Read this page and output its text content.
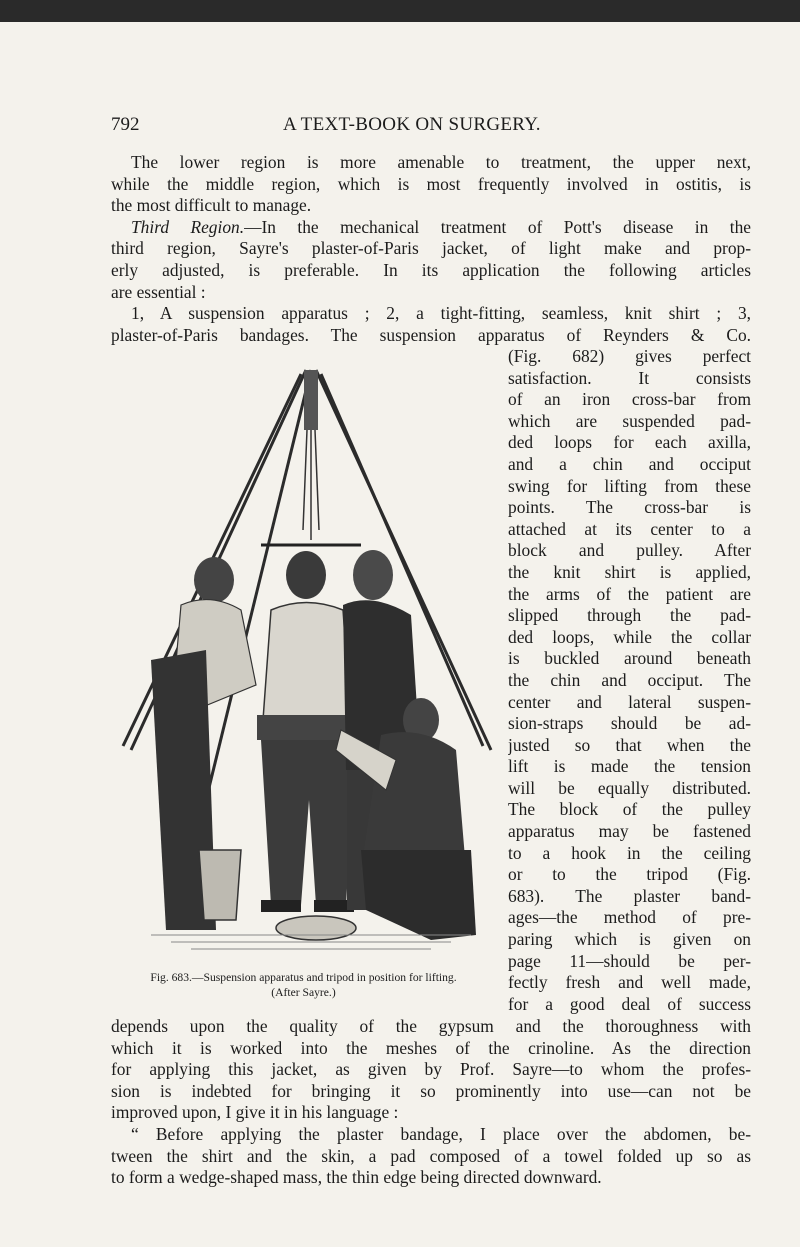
792	A TEXT-BOOK ON SURGERY.
The lower region is more amenable to treatment, the upper next,
while the middle region, which is most frequently involved in ostitis, is
the most difficult to manage.
Third Region.—In the mechanical treatment of Pott's disease in the
third region, Sayre's plaster-of-Paris jacket, of light make and prop-
erly adjusted, is preferable. In its application the following articles
are essential :
1, A suspension apparatus ; 2, a tight-fitting, seamless, knit shirt ; 3,
plaster-of-Paris bandages. The suspension apparatus of Reynders & Co.
Fig. 683.—Suspension apparatus and tripod in position for lifting.
(After Sayre.)
(Fig. 682) gives perfect
satisfaction. It consists
of an iron cross-bar from
which are suspended pad-
ded loops for each axilla,
and a chin and occiput
swing for lifting from these
points. The cross-bar is
attached at its center to a
block and pulley. After
the knit shirt is applied,
the arms of the patient are
slipped through the pad-
ded loops, while the collar
is buckled around beneath
the chin and occiput. The
center and lateral suspen-
sion-straps should be ad-
justed so that when the
lift is made the tension
will be equally distributed.
The block of the pulley
apparatus may be fastened
to a hook in the ceiling
or to the tripod (Fig.
683). The plaster band-
ages—the method of pre-
paring which is given on
page 11—should be per-
fectly fresh and well made,
for a good deal of success
depends upon the quality of the gypsum and the thoroughness with
which it is worked into the meshes of the crinoline. As the direction
for applying this jacket, as given by Prof. Sayre—to whom the profes-
sion is indebted for bringing it so prominently into use—can not be
improved upon, I give it in his language :
“ Before applying the plaster bandage, I place over the abdomen, be-
tween the shirt and the skin, a pad composed of a towel folded up so as
to form a wedge-shaped mass, the thin edge being directed downward.
